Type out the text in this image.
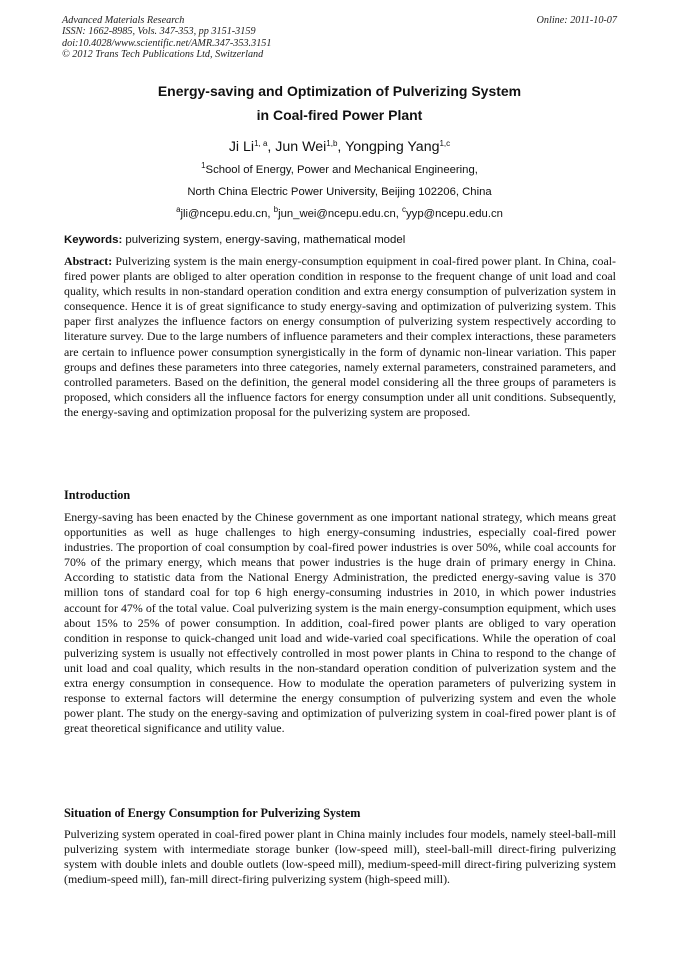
Advanced Materials Research
ISSN: 1662-8985, Vols. 347-353, pp 3151-3159
doi:10.4028/www.scientific.net/AMR.347-353.3151
© 2012 Trans Tech Publications Ltd, Switzerland
Online: 2011-10-07
Energy-saving and Optimization of Pulverizing System
in Coal-fired Power Plant
Ji Li$^{1, a}$, Jun Wei$^{1,b}$, Yongping Yang$^{1,c}$
$^1$School of Energy, Power and Mechanical Engineering,
North China Electric Power University, Beijing 102206, China
$^a$jli@ncepu.edu.cn, $^b$jun_wei@ncepu.edu.cn, $^c$yyp@ncepu.edu.cn
Keywords: pulverizing system, energy-saving, mathematical model

Abstract: Pulverizing system is the main energy-consumption equipment in coal-fired power plant. In China, coal-fired power plants are obliged to alter operation condition in response to the frequent change of unit load and coal quality, which results in non-standard operation condition and extra energy consumption of pulverization system in consequence. Hence it is of great significance to study energy-saving and optimization of pulverizing system. This paper first analyzes the influence factors on energy consumption of pulverizing system respectively according to literature survey. Due to the large numbers of influence parameters and their complex interactions, these parameters are certain to influence power consumption synergistically in the form of dynamic non-linear variation. This paper groups and defines these parameters into three categories, namely external parameters, constrained parameters, and controlled parameters. Based on the definition, the general model considering all the three groups of parameters is proposed, which considers all the influence factors for energy consumption under all unit conditions. Subsequently, the energy-saving and optimization proposal for the pulverizing system are proposed.

Introduction

Energy-saving has been enacted by the Chinese government as one important national strategy, which means great opportunities as well as huge challenges to high energy-consuming industries, especially coal-fired power industries. The proportion of coal consumption by coal-fired power industries is over 50%, while coal accounts for 70% of the primary energy, which means that power industries is the huge drain of primary energy in China. According to statistic data from the National Energy Administration, the predicted energy-saving value is 370 million tons of standard coal for top 6 high energy-consuming industries in 2010, in which power industries account for 47% of the total value. Coal pulverizing system is the main energy-consumption equipment, which uses about 15% to 25% of power consumption. In addition, coal-fired power plants are obliged to vary operation condition in response to quick-changed unit load and wide-varied coal specifications. While the operation of coal pulverizing system is usually not effectively controlled in most power plants in China to respond to the change of unit load and coal quality, which results in the non-standard operation condition of pulverization system and the extra energy consumption in consequence. How to modulate the operation parameters of pulverizing system in response to external factors will determine the energy consumption of pulverizing system and even the whole power plant. The study on the energy-saving and optimization of pulverizing system in coal-fired power plant is of great theoretical significance and utility value.

Situation of Energy Consumption for Pulverizing System

Pulverizing system operated in coal-fired power plant in China mainly includes four models, namely steel-ball-mill pulverizing system with intermediate storage bunker (low-speed mill), steel-ball-mill direct-firing pulverizing system with double inlets and double outlets (low-speed mill), medium-speed-mill direct-firing pulverizing system (medium-speed mill), fan-mill direct-firing pulverizing system (high-speed mill).
